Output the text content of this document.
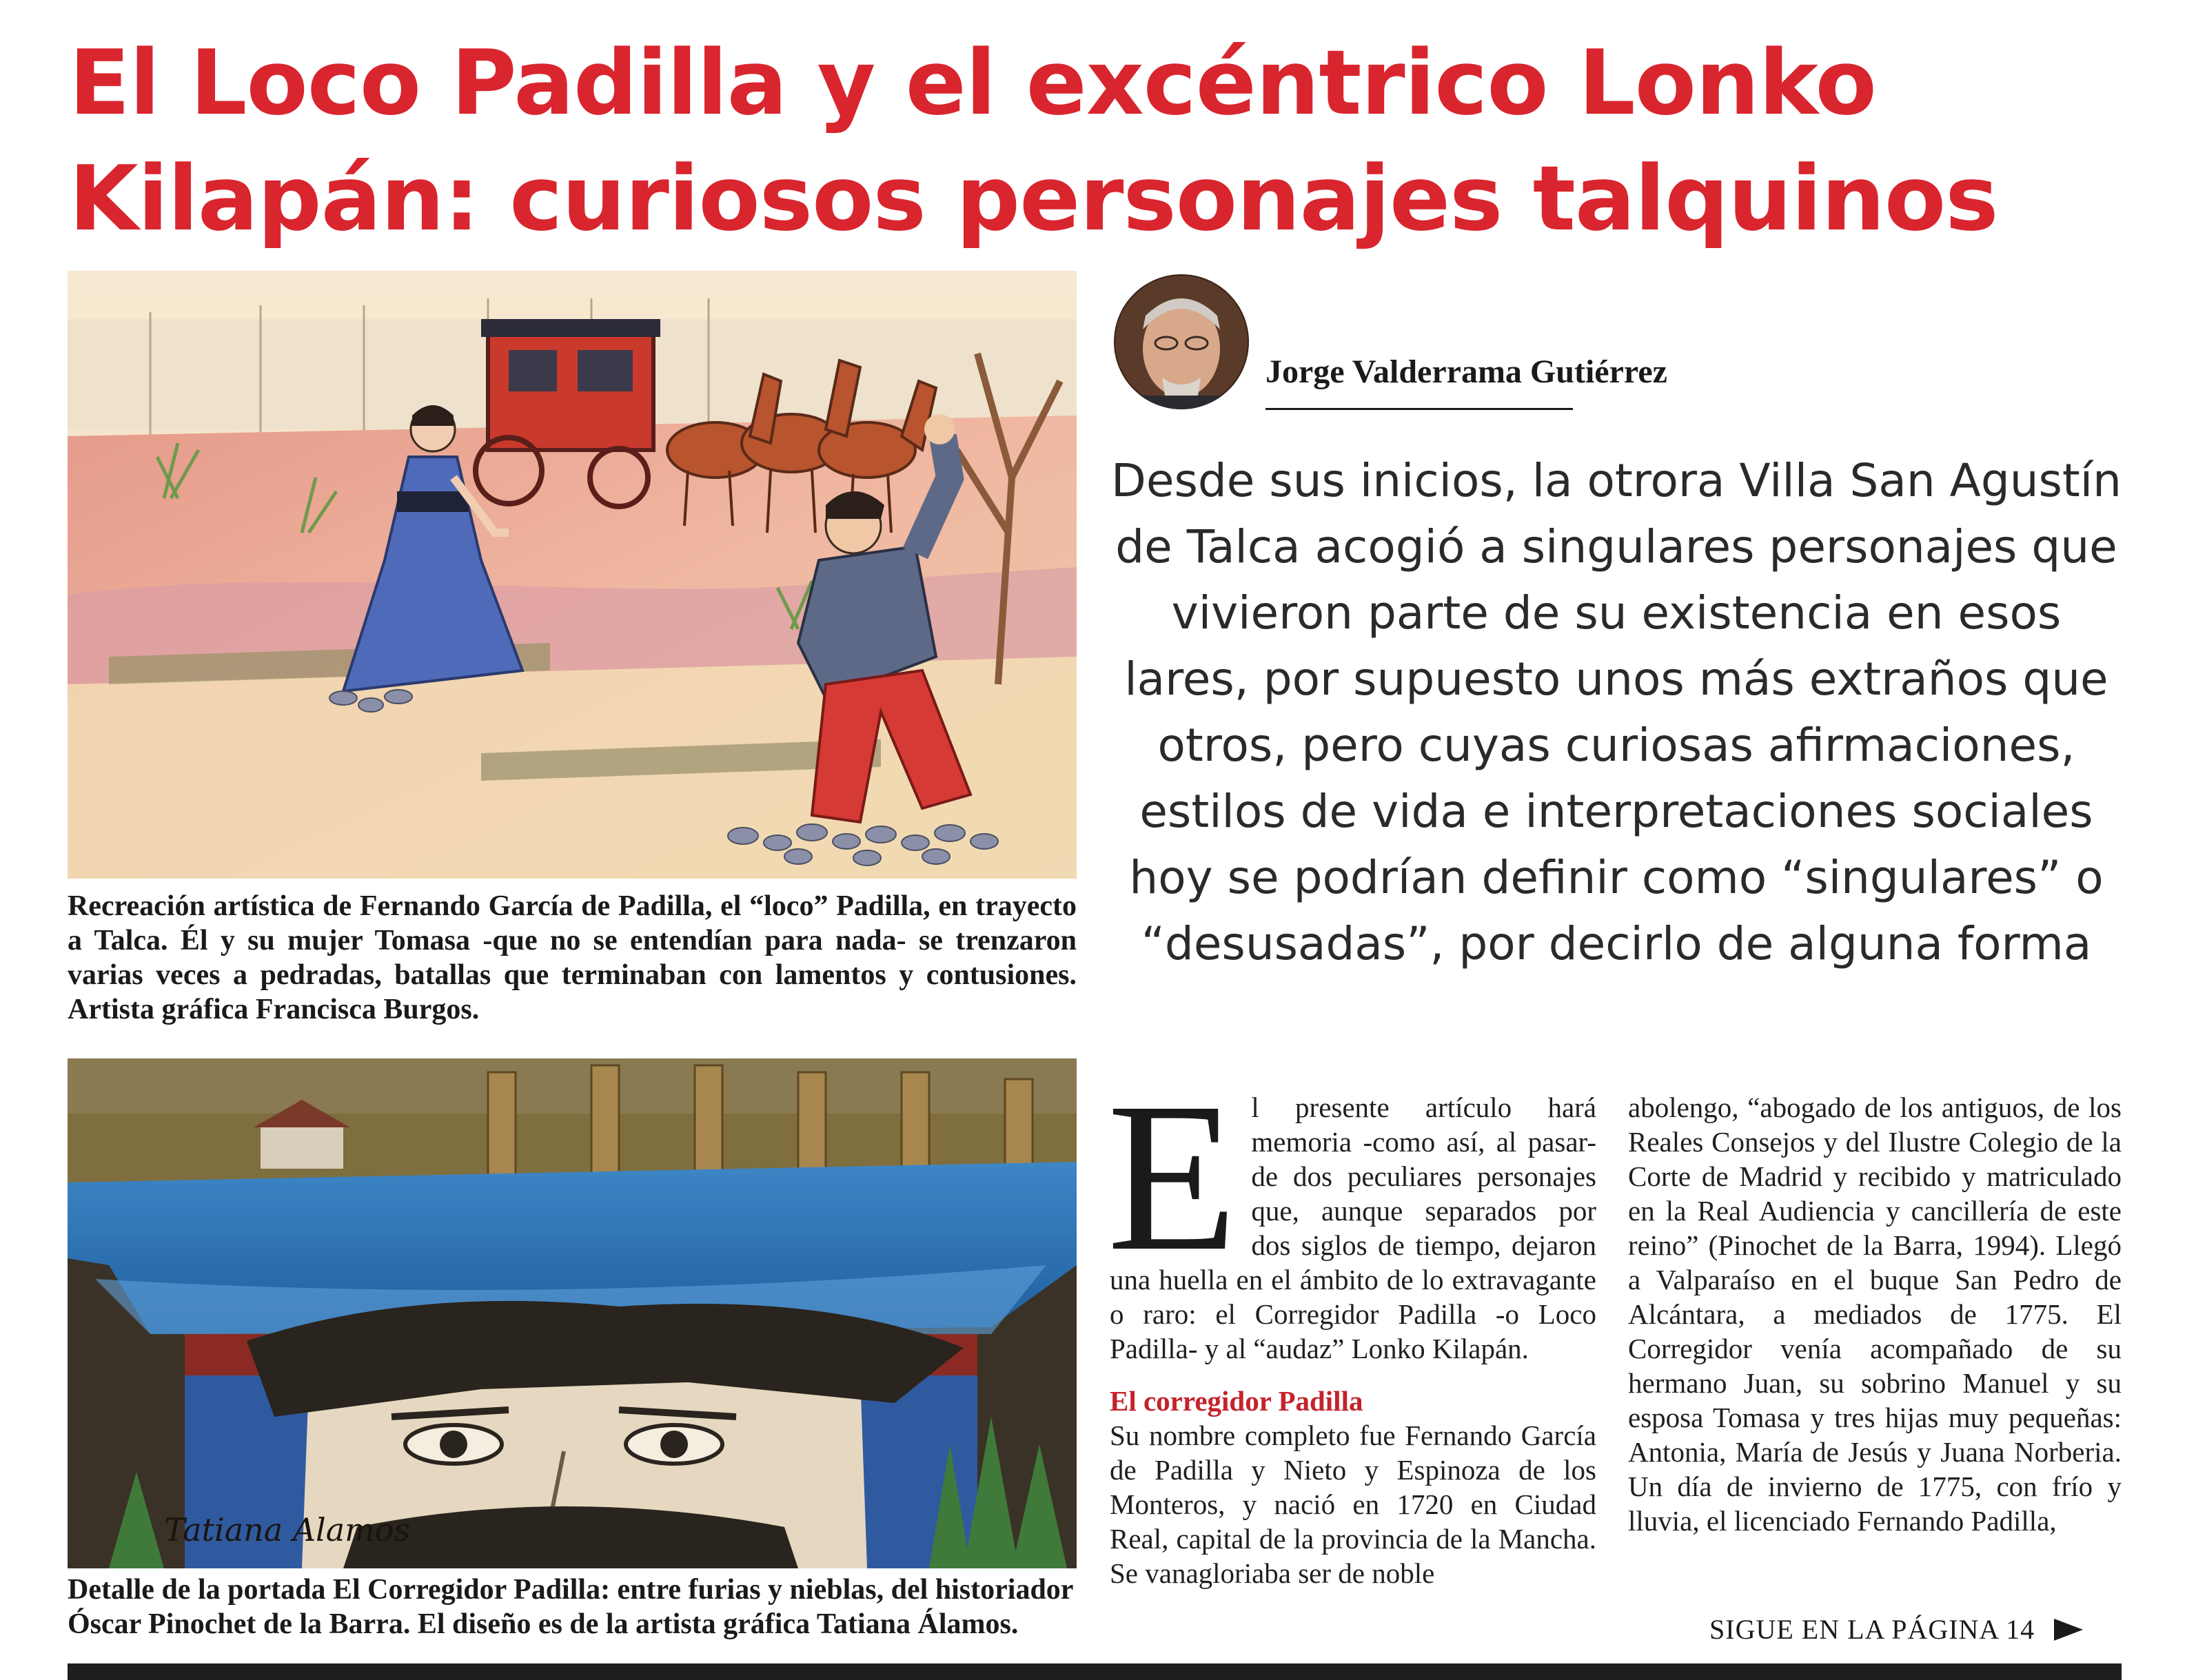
El Loco Padilla y el excéntrico Lonko
Kilapán: curiosos personajes talquinos

Recreación artística de Fernando García de Padilla, el “loco” Padilla, en trayecto a Talca. Él y su mujer Tomasa -que no se entendían para nada- se trenzaron varias veces a pedradas, batallas que terminaban con lamentos y contusiones. Artista gráfica Francisca Burgos.

Tatiana Alamos

Detalle de la portada El Corregidor Padilla: entre furias y nieblas, del historiador Óscar Pinochet de la Barra. El diseño es de la artista gráfica Tatiana Álamos.

Jorge Valderrama Gutiérrez

Desde sus inicios, la otrora Villa San Agustín de Talca acogió a singulares personajes que vivieron parte de su existencia en esos lares, por supuesto unos más extraños que otros, pero cuyas curiosas afirmaciones, estilos de vida e interpretaciones sociales hoy se podrían definir como “singulares” o “desusadas”, por decirlo de alguna forma

El presente artículo hará memoria -como así, al pasar- de dos peculiares personajes que, aunque separados por dos siglos de tiempo, dejaron una huella en el ámbito de lo extravagante o raro: el Corregidor Padilla -o Loco Padilla- y al “audaz” Lonko Kilapán.
El corregidor Padilla
Su nombre completo fue Fernando García de Padilla y Nieto y Espinoza de los Monteros, y nació en 1720 en Ciudad Real, capital de la provincia de la Mancha. Se vanagloriaba ser de noble

abolengo, “abogado de los antiguos, de los Reales Consejos y del Ilustre Colegio de la Corte de Madrid y recibido y matriculado en la Real Audiencia y cancillería de este reino” (Pinochet de la Barra, 1994). Llegó a Valparaíso en el buque San Pedro de Alcántara, a mediados de 1775. El Corregidor venía acompañado de su hermano Juan, su sobrino Manuel y su esposa Tomasa y tres hijas muy pequeñas: Antonia, María de Jesús y Juana Norberia. Un día de invierno de 1775, con frío y lluvia, el licenciado Fernando Padilla,

SIGUE EN LA PÁGINA 14
